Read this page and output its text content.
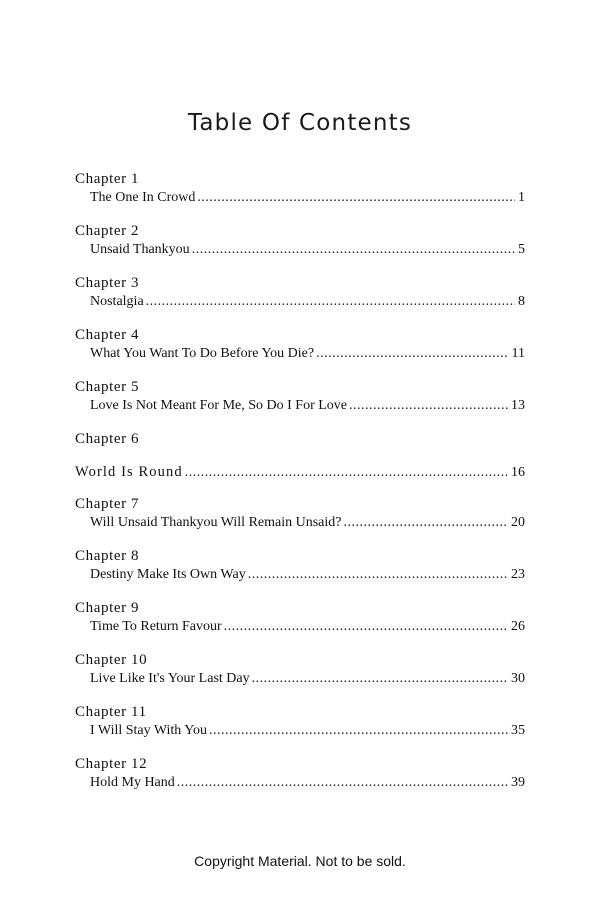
Table Of Contents
Chapter 1
The One In Crowd .....	1
Chapter 2
Unsaid Thankyou .....	5
Chapter 3
Nostalgia .....	8
Chapter 4
What You Want To Do Before You Die? .....	11
Chapter 5
Love Is Not Meant For Me, So Do I For Love .....	13
Chapter 6
World Is Round .....	16
Chapter 7
Will Unsaid Thankyou Will Remain Unsaid? .....	20
Chapter 8
Destiny Make Its Own Way .....	23
Chapter 9
Time To Return Favour .....	26
Chapter 10
Live Like It's Your Last Day .....	30
Chapter 11
I Will Stay With You .....	35
Chapter 12
Hold My Hand .....	39
Copyright Material. Not to be sold.
